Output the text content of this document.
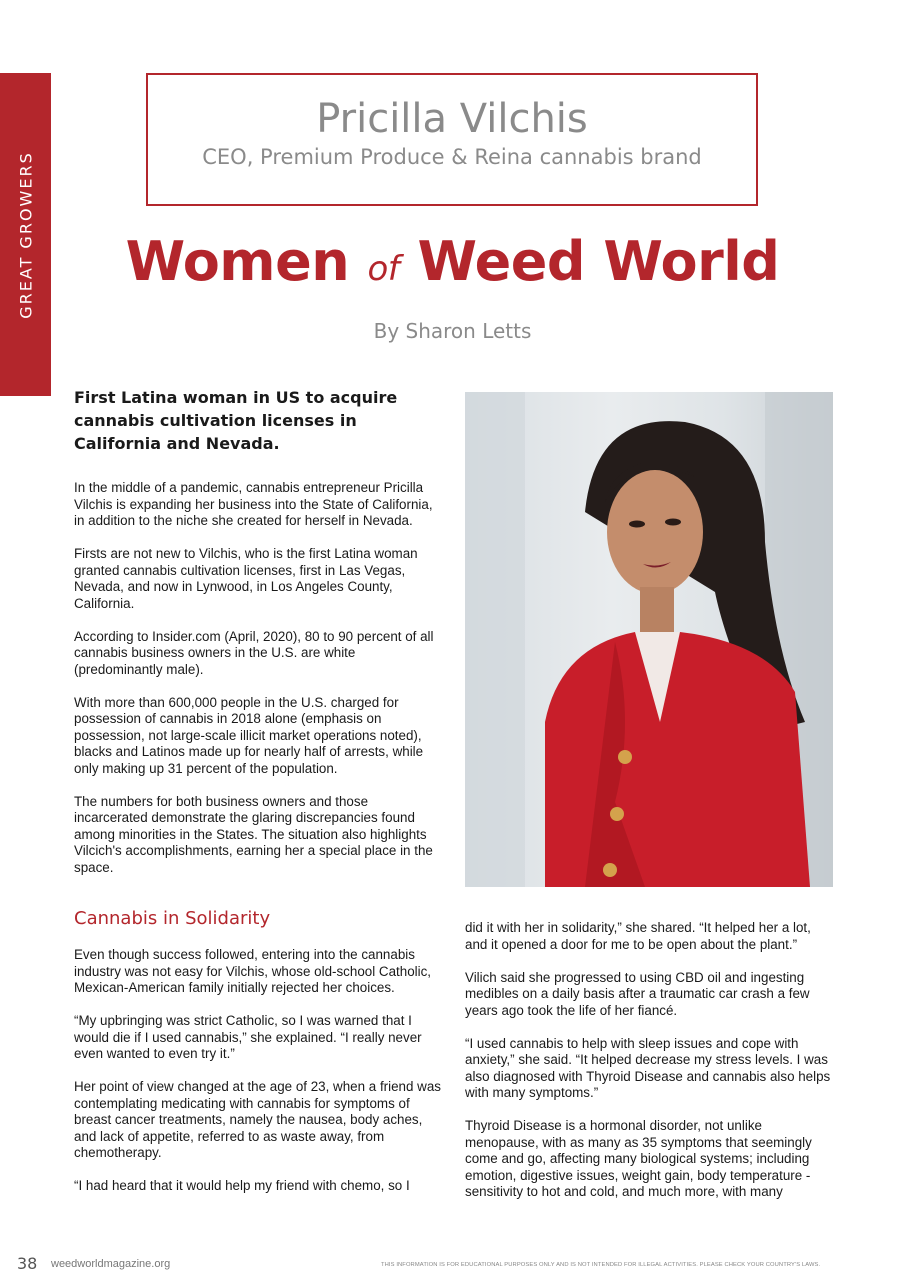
GREAT GROWERS
Pricilla Vilchis
CEO, Premium Produce & Reina cannabis brand
Women of Weed World
By Sharon Letts
First Latina woman in US to acquire cannabis cultivation licenses in California and Nevada.

In the middle of a pandemic, cannabis entrepreneur Pricilla Vilchis is expanding her business into the State of California, in addition to the niche she created for herself in Nevada.

Firsts are not new to Vilchis, who is the first Latina woman granted cannabis cultivation licenses, first in Las Vegas, Nevada, and now in Lynwood, in Los Angeles County, California.

According to Insider.com (April, 2020), 80 to 90 percent of all cannabis business owners in the U.S. are white (predominantly male).

With more than 600,000 people in the U.S. charged for possession of cannabis in 2018 alone (emphasis on possession, not large-scale illicit market operations noted), blacks and Latinos made up for nearly half of arrests, while only making up 31 percent of the population.

The numbers for both business owners and those incarcerated demonstrate the glaring discrepancies found among minorities in the States. The situation also highlights Vilcich's accomplishments, earning her a special place in the space.

Cannabis in Solidarity

Even though success followed, entering into the cannabis industry was not easy for Vilchis, whose old-school Catholic, Mexican-American family initially rejected her choices.

“My upbringing was strict Catholic, so I was warned that I would die if I used cannabis,” she explained. “I really never even wanted to even try it.”

Her point of view changed at the age of 23, when a friend was contemplating medicating with cannabis for symptoms of breast cancer treatments, namely the nausea, body aches, and lack of appetite, referred to as waste away, from chemotherapy.

“I had heard that it would help my friend with chemo, so I

did it with her in solidarity,” she shared. “It helped her a lot, and it opened a door for me to be open about the plant.”

Vilich said she progressed to using CBD oil and ingesting medibles on a daily basis after a traumatic car crash a few years ago took the life of her fiancé.

“I used cannabis to help with sleep issues and cope with anxiety,” she said. “It helped decrease my stress levels. I was also diagnosed with Thyroid Disease and cannabis also helps with many symptoms.”

Thyroid Disease is a hormonal disorder, not unlike menopause, with as many as 35 symptoms that seemingly come and go, affecting many biological systems; including emotion, digestive issues, weight gain, body temperature - sensitivity to hot and cold, and much more, with many

38 weedworldmagazine.org	THIS INFORMATION IS FOR EDUCATIONAL PURPOSES ONLY AND IS NOT INTENDED FOR ILLEGAL ACTIVITIES. PLEASE CHECK YOUR COUNTRY'S LAWS.
